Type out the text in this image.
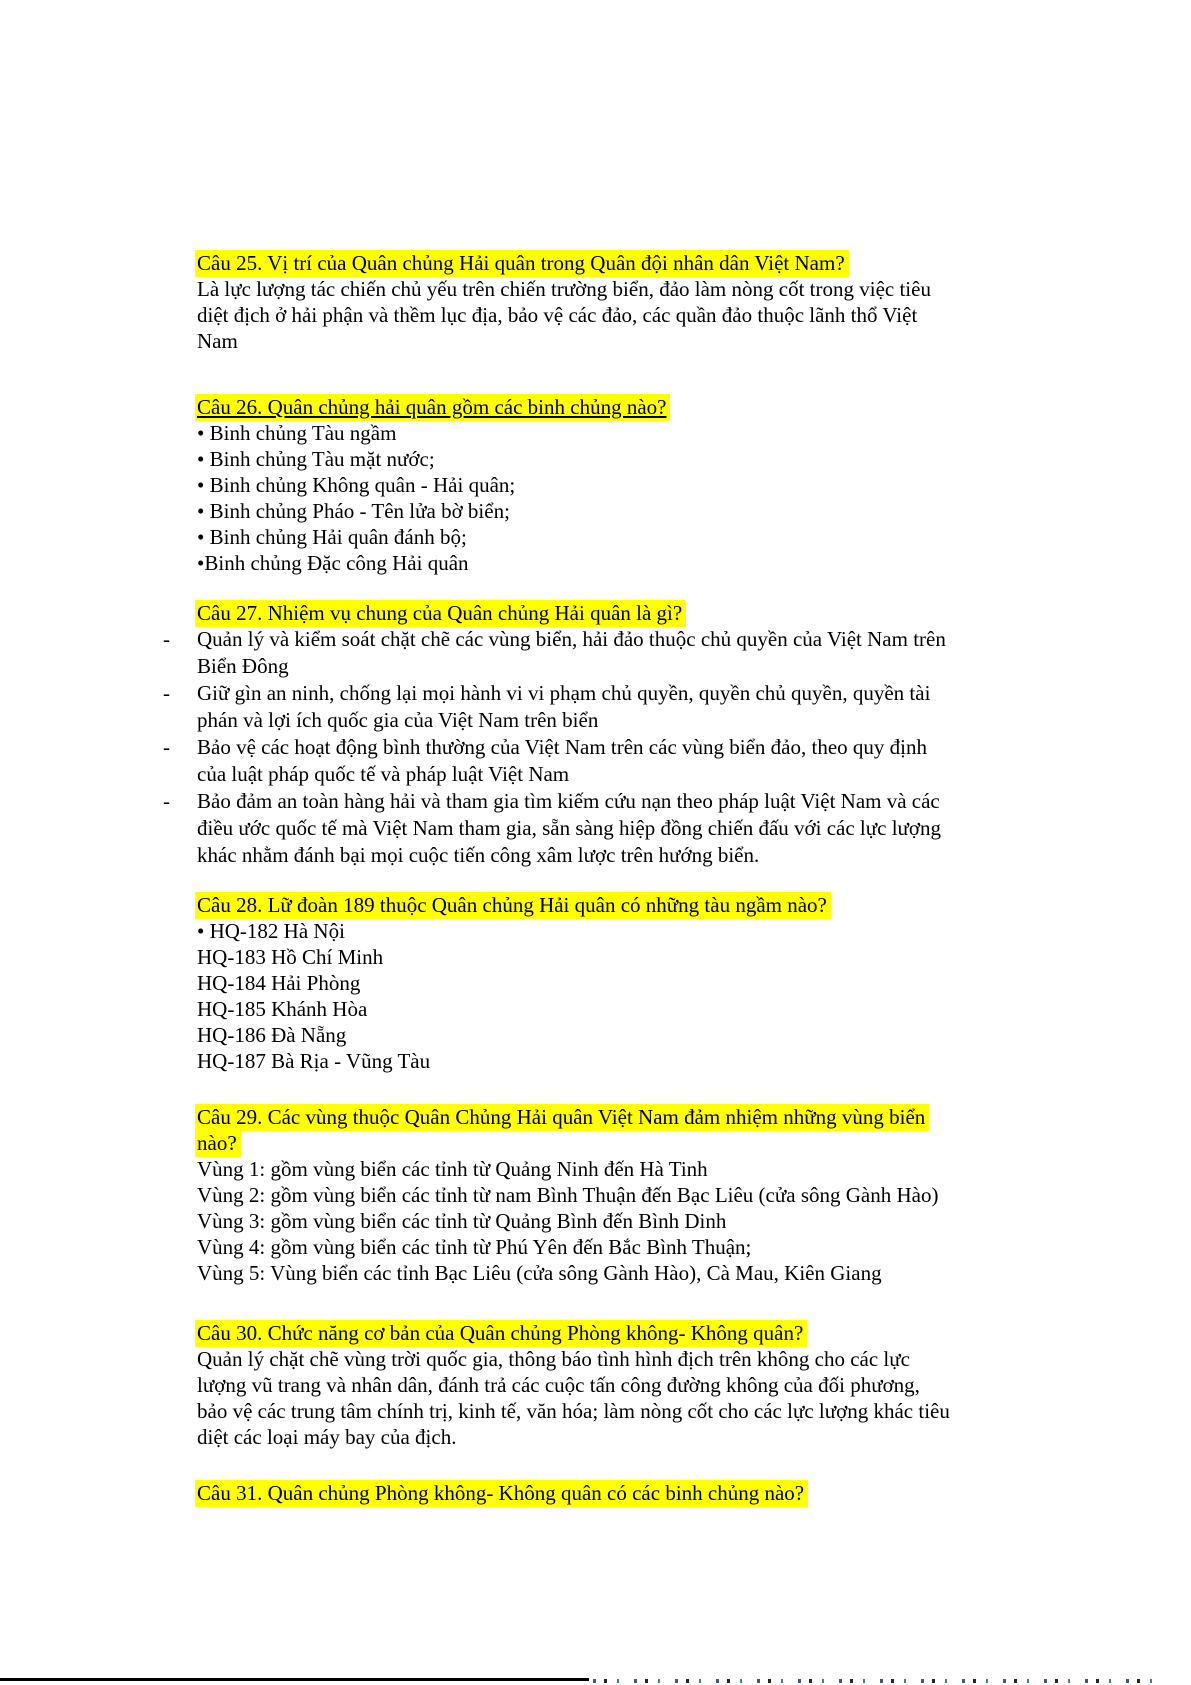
Câu 25. Vị trí của Quân chủng Hải quân trong Quân đội nhân dân Việt Nam?
Là lực lượng tác chiến chủ yếu trên chiến trường biển, đảo làm nòng cốt trong việc tiêu
diệt địch ở hải phận và thềm lục địa, bảo vệ các đảo, các quần đảo thuộc lãnh thổ Việt
Nam
Câu 26. Quân chủng hải quân gồm các binh chủng nào?
• Binh chủng Tàu ngầm
• Binh chủng Tàu mặt nước;
• Binh chủng Không quân - Hải quân;
• Binh chủng Pháo - Tên lửa bờ biển;
• Binh chủng Hải quân đánh bộ;
•Binh chủng Đặc công Hải quân
Câu 27. Nhiệm vụ chung của Quân chủng Hải quân là gì?
- Quản lý và kiểm soát chặt chẽ các vùng biển, hải đảo thuộc chủ quyền của Việt Nam trên
Biển Đông
- Giữ gìn an ninh, chống lại mọi hành vi vi phạm chủ quyền, quyền chủ quyền, quyền tài
phán và lợi ích quốc gia của Việt Nam trên biển
- Bảo vệ các hoạt động bình thường của Việt Nam trên các vùng biển đảo, theo quy định
của luật pháp quốc tế và pháp luật Việt Nam
- Bảo đảm an toàn hàng hải và tham gia tìm kiếm cứu nạn theo pháp luật Việt Nam và các
điều ước quốc tế mà Việt Nam tham gia, sẵn sàng hiệp đồng chiến đấu với các lực lượng
khác nhằm đánh bại mọi cuộc tiến công xâm lược trên hướng biển.
Câu 28. Lữ đoàn 189 thuộc Quân chủng Hải quân có những tàu ngầm nào?
• HQ-182 Hà Nội
HQ-183 Hồ Chí Minh
HQ-184 Hải Phòng
HQ-185 Khánh Hòa
HQ-186 Đà Nẵng
HQ-187 Bà Rịa - Vũng Tàu
Câu 29. Các vùng thuộc Quân Chủng Hải quân Việt Nam đảm nhiệm những vùng biển
nào?
Vùng 1: gồm vùng biển các tỉnh từ Quảng Ninh đến Hà Tinh
Vùng 2: gồm vùng biển các tỉnh từ nam Bình Thuận đến Bạc Liêu (cửa sông Gành Hào)
Vùng 3: gồm vùng biển các tỉnh từ Quảng Bình đến Bình Dinh
Vùng 4: gồm vùng biển các tỉnh từ Phú Yên đến Bắc Bình Thuận;
Vùng 5: Vùng biển các tỉnh Bạc Liêu (cửa sông Gành Hào), Cà Mau, Kiên Giang
Câu 30. Chức năng cơ bản của Quân chủng Phòng không- Không quân?
Quản lý chặt chẽ vùng trời quốc gia, thông báo tình hình địch trên không cho các lực
lượng vũ trang và nhân dân, đánh trả các cuộc tấn công đường không của đối phương,
bảo vệ các trung tâm chính trị, kinh tế, văn hóa; làm nòng cốt cho các lực lượng khác tiêu
diệt các loại máy bay của địch.
Câu 31. Quân chủng Phòng không- Không quân có các binh chủng nào?
